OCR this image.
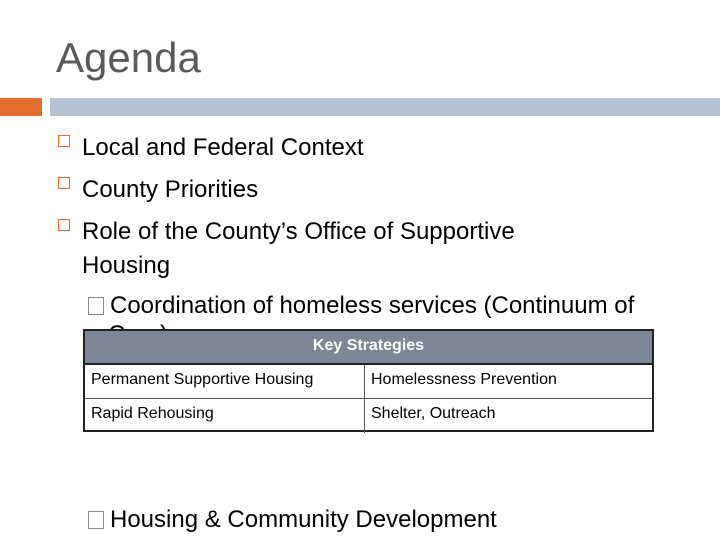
Agenda
Local and Federal Context
County Priorities
Role of the County’s Office of Supportive
Housing
Coordination of homeless services (Continuum of
Key Strategies
Permanent Supportive Housing	Homelessness Prevention
Rapid Rehousing	Shelter, Outreach
Housing & Community Development
